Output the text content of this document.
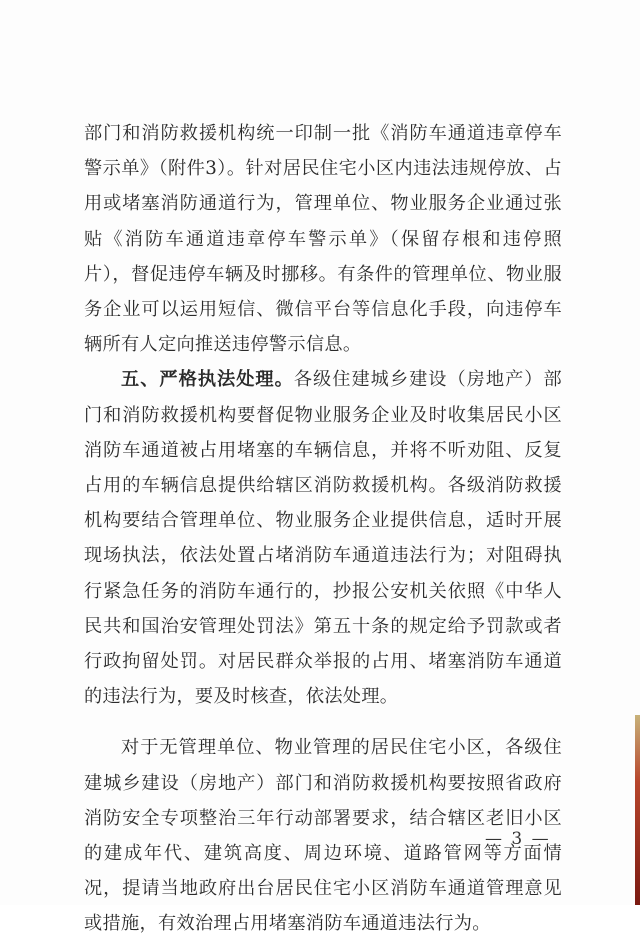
部门和消防救援机构统一印制一批《消防车通道违章停车警示单》（附件3）。针对居民住宅小区内违法违规停放、占用或堵塞消防通道行为，管理单位、物业服务企业通过张贴《消防车通道违章停车警示单》（保留存根和违停照片），督促违停车辆及时挪移。有条件的管理单位、物业服务企业可以运用短信、微信平台等信息化手段，向违停车辆所有人定向推送违停警示信息。

五、严格执法处理。各级住建城乡建设（房地产）部门和消防救援机构要督促物业服务企业及时收集居民小区消防车通道被占用堵塞的车辆信息，并将不听劝阻、反复占用的车辆信息提供给辖区消防救援机构。各级消防救援机构要结合管理单位、物业服务企业提供信息，适时开展现场执法，依法处置占堵消防车通道违法行为；对阻碍执行紧急任务的消防车通行的，抄报公安机关依照《中华人民共和国治安管理处罚法》第五十条的规定给予罚款或者行政拘留处罚。对居民群众举报的占用、堵塞消防车通道的违法行为，要及时核查，依法处理。

对于无管理单位、物业管理的居民住宅小区，各级住建城乡建设（房地产）部门和消防救援机构要按照省政府消防安全专项整治三年行动部署要求，结合辖区老旧小区的建成年代、建筑高度、周边环境、道路管网等方面情况，提请当地政府出台居民住宅小区消防车通道管理意见或措施，有效治理占用堵塞消防车通道违法行为。

— 3 —
